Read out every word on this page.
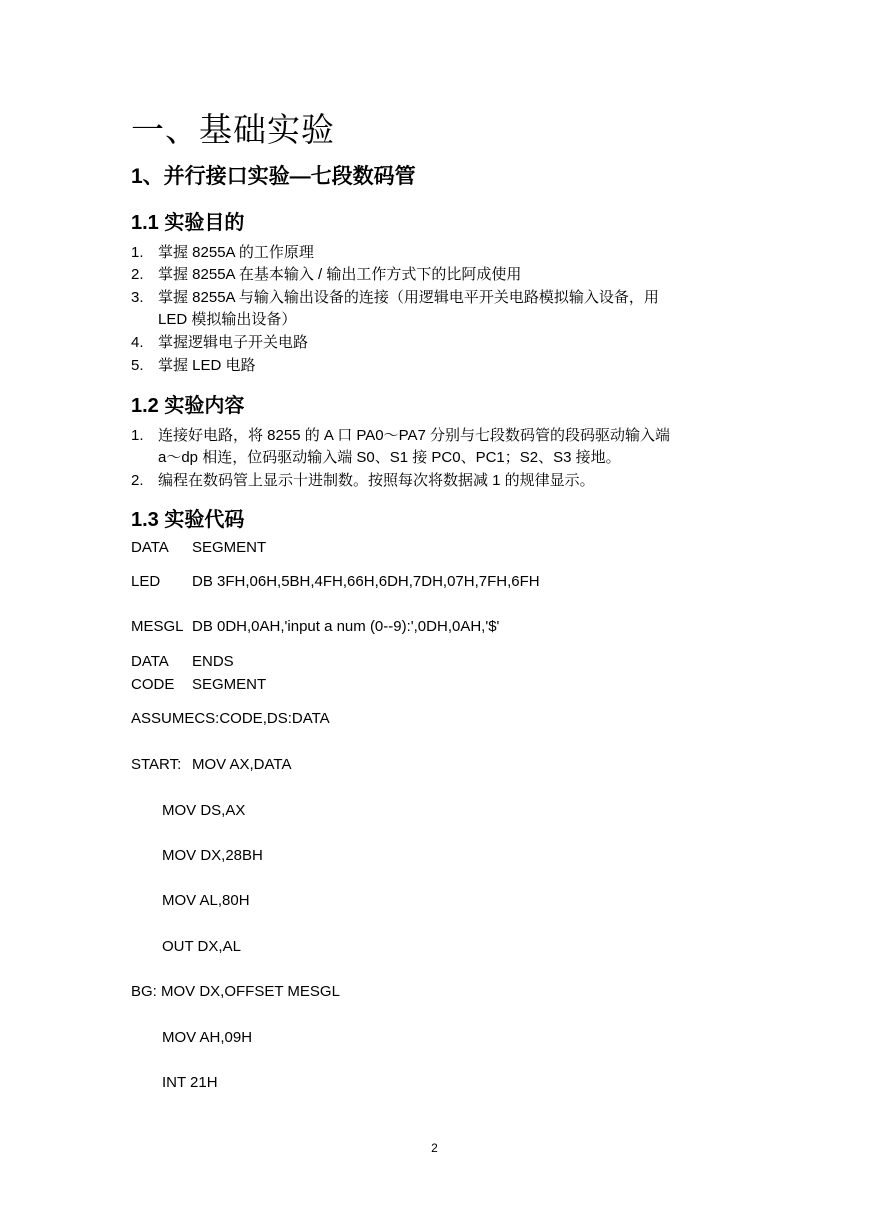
一、基础实验
1、并行接口实验—七段数码管
1.1 实验目的
1. 掌握 8255A 的工作原理
2. 掌握 8255A 在基本输入 / 输出工作方式下的比阿成使用
3. 掌握 8255A 与输入输出设备的连接（用逻辑电平开关电路模拟输入设备，用
LED 模拟输出设备）
4. 掌握逻辑电子开关电路
5. 掌握 LED 电路
1.2 实验内容
1. 连接好电路，将 8255 的 A 口 PA0～PA7 分别与七段数码管的段码驱动输入端
a～dp 相连，位码驱动输入端 S0、S1 接 PC0、PC1；S2、S3 接地。
2. 编程在数码管上显示十进制数。按照每次将数据减 1 的规律显示。
1.3 实验代码
DATA SEGMENT
LED DB 3FH,06H,5BH,4FH,66H,6DH,7DH,07H,7FH,6FH
MESGL DB 0DH,0AH,'input a num (0--9):',0DH,0AH,'$'
DATA ENDS
CODE SEGMENT
ASSUMECS:CODE,DS:DATA
START: MOV AX,DATA
MOV DS,AX
MOV DX,28BH
MOV AL,80H
OUT DX,AL
BG: MOV DX,OFFSET MESGL
MOV AH,09H
INT 21H
2
